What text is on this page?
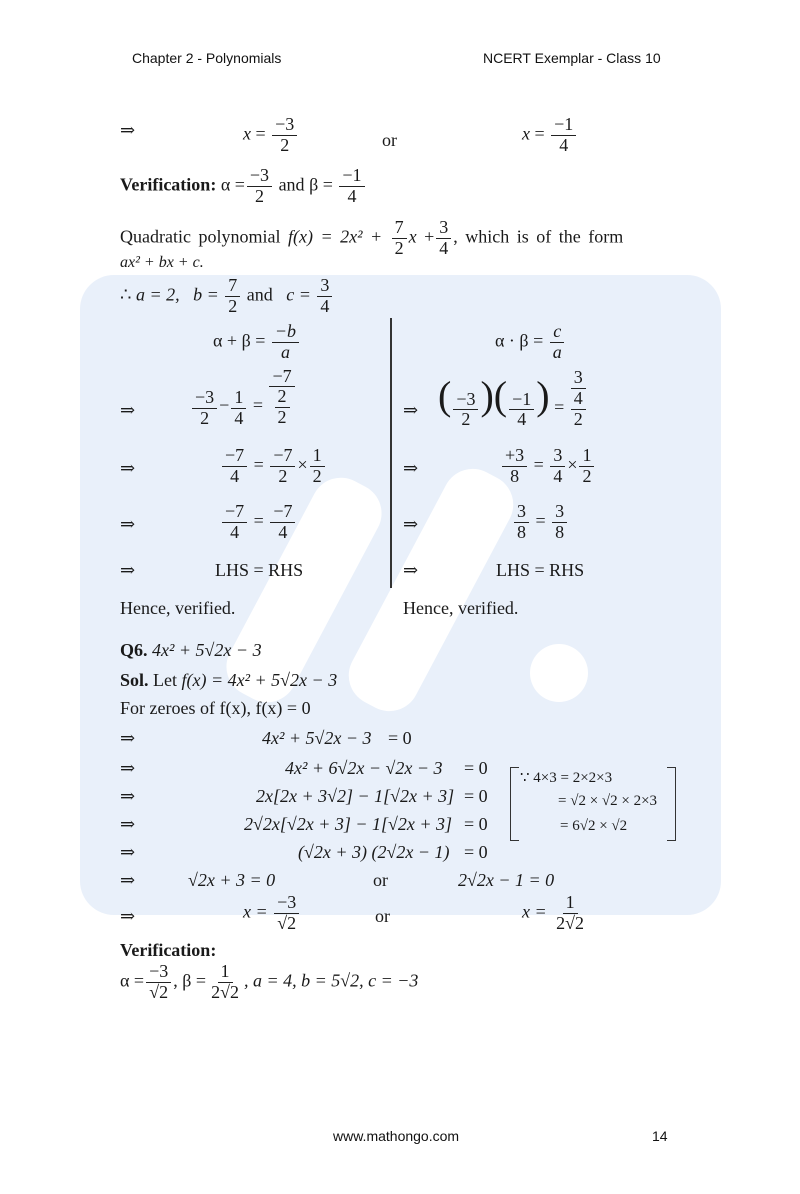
Chapter 2 - Polynomials	NCERT Exemplar - Class 10
⇒	$x = \frac{-3}{2}$	or	$x = \frac{-1}{4}$
Verification: $\alpha = \frac{-3}{2}$ and $\beta = \frac{-1}{4}$
Quadratic polynomial $f(x) = 2x^2 + \frac{7}{2}$ $x + \frac{3}{4}$ , which is of the form
ax² + bx + c.
∴ a = 2, $b = \frac{7}{2}$ and $c = \frac{3}{4}$
$\alpha + \beta = \frac{-b}{a}$
⇒	$\frac{-3}{2} - \frac{1}{4}$ =
−7
2
2
⇒	$\frac{-7}{4} = \frac{-7}{2} \times \frac{1}{2}$
⇒	$\frac{-7}{4} = \frac{-7}{4}$
⇒	LHS = RHS
Hence, verified.
$\alpha \cdot \beta = \frac{c}{a}$
⇒ ( $\frac{-3}{2}$ )( $\frac{-1}{4}$ ) =
3
4
2
⇒	$\frac{+3}{8} = \frac{3}{4} \times \frac{1}{2}$
⇒	$\frac{3}{8} = \frac{3}{8}$
⇒	LHS = RHS
Hence, verified.
Q6. 4x² + 5√2x − 3
Sol. Let f(x) = 4x² + 5√2x − 3
For zeroes of f(x), f(x) = 0
⇒	4x² + 5√2x − 3 = 0
⇒	4x² + 6√2x − √2x − 3 = 0
⇒	2x[2x + 3√2] − 1[√2x + 3] = 0
⇒	2√2x[√2x + 3] − 1[√2x + 3] = 0
⇒	(√2x + 3) (2√2x − 1) = 0
∵ 4×3 = 2×2×3
= √2 × √2 × 2×3
= 6√2 × √2
⇒	√2x + 3 = 0	or	2√2x − 1 = 0
⇒	$x = \frac{-3}{√2}$	or	$x = \frac{1}{2√2}$
Verification:
$\alpha = \frac{-3}{√2}$ , $\beta = \frac{1}{2√2}$ , a = 4, b = 5√2, c = −3
www.mathongo.com	14
